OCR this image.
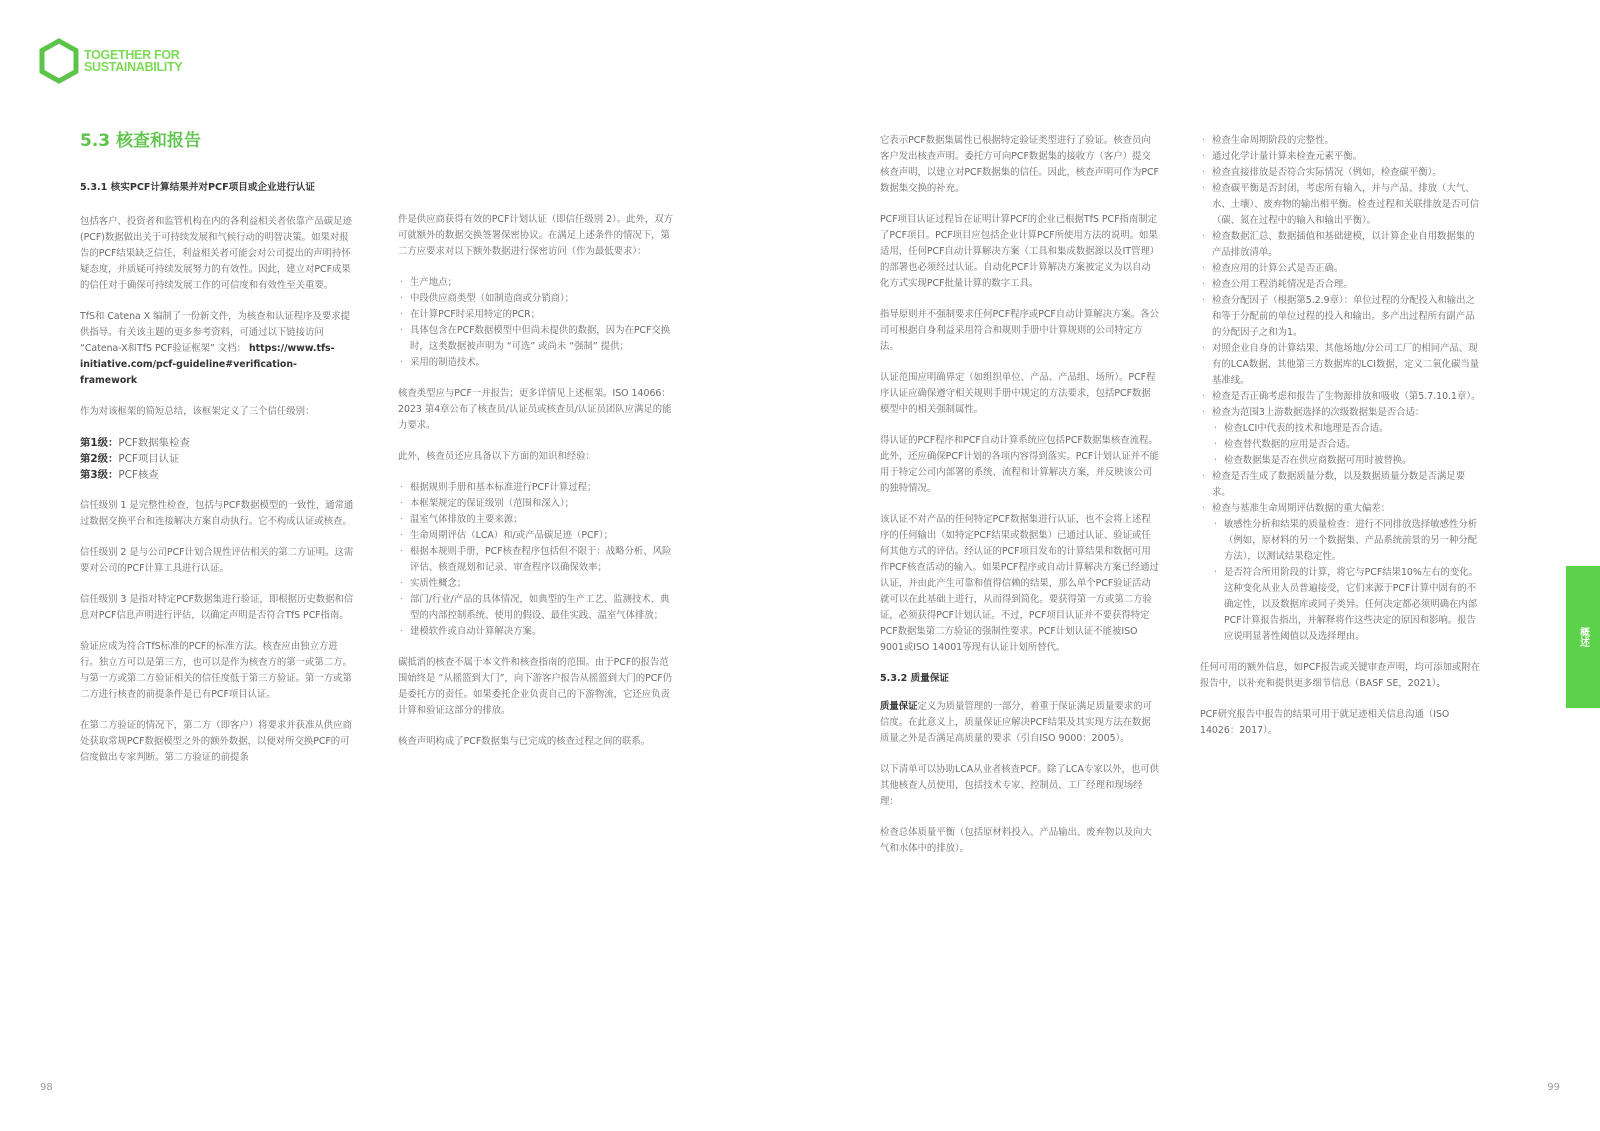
TOGETHER FOR
SUSTAINABILITY
5.3 核查和报告

5.3.1 核实PCF计算结果并对PCF项目或企业进行认证

包括客户、投资者和监管机构在内的各利益相关者依靠产品碳足迹(PCF)数据做出关于可持续发展和气候行动的明智决策。如果对报告的PCF结果缺乏信任，利益相关者可能会对公司提出的声明持怀疑态度，并质疑可持续发展努力的有效性。因此，建立对PCF成果的信任对于确保可持续发展工作的可信度和有效性至关重要。

TfS和 Catena X 编制了一份新文件，为核查和认证程序及要求提供指导。有关该主题的更多参考资料，可通过以下链接访问 “Catena-X和TfS PCF验证框架” 文档： https://www.tfs-initiative.com/pcf-guideline#verification-framework

作为对该框架的简短总结，该框架定义了三个信任级别：

第1级：PCF数据集检查
第2级：PCF项目认证
第3级：PCF核查

信任级别 1 是完整性检查，包括与PCF数据模型的一致性，通常通过数据交换平台和连接解决方案自动执行。它不构成认证或核查。

信任级别 2 是与公司PCF计划合规性评估相关的第二方证明。这需要对公司的PCF计算工具进行认证。

信任级别 3 是指对特定PCF数据集进行验证，即根据历史数据和信息对PCF信息声明进行评估，以确定声明是否符合TfS PCF指南。

验证应成为符合TfS标准的PCF的标准方法。核查应由独立方进行。独立方可以是第三方，也可以是作为核查方的第一或第二方。与第一方或第二方验证相关的信任度低于第三方验证。第一方或第二方进行核查的前提条件是已有PCF项目认证。

在第二方验证的情况下，第二方（即客户）将要求并获准从供应商处获取常规PCF数据模型之外的额外数据，以便对所交换PCF的可信度做出专家判断。第二方验证的前提条

件是供应商获得有效的PCF计划认证（即信任级别 2）。此外，双方可就额外的数据交换签署保密协议。在满足上述条件的情况下，第二方应要求对以下额外数据进行保密访问（作为最低要求）：

· 生产地点；
· 中段供应商类型（如制造商或分销商）；
· 在计算PCF时采用特定的PCR；
· 具体包含在PCF数据模型中但尚未提供的数据，因为在PCF交换时，这类数据被声明为 “可选” 或尚未 “强制” 提供；
· 采用的制造技术。

核查类型应与PCF一并报告；更多详情见上述框架。ISO 14066：2023 第4章公布了核查员/认证员或核查员/认证员团队应满足的能力要求。

此外，核查员还应具备以下方面的知识和经验：

· 根据规则手册和基本标准进行PCF计算过程；
· 本框架规定的保证级别（范围和深入）；
· 温室气体排放的主要来源；
· 生命周期评估（LCA）和/或产品碳足迹（PCF）；
· 根据本规则手册，PCF核查程序包括但不限于：战略分析、风险评估、核查规划和记录、审查程序以确保效率；
· 实质性概念；
· 部门/行业/产品的具体情况，如典型的生产工艺、监测技术、典型的内部控制系统、使用的假设、最佳实践、温室气体排放；
· 建模软件或自动计算解决方案。

碳抵消的核查不属于本文件和核查指南的范围。由于PCF的报告范围始终是 “从摇篮到大门”，向下游客户报告从摇篮到大门的PCF仍是委托方的责任。如果委托企业负责自己的下游物流，它还应负责计算和验证这部分的排放。

核查声明构成了PCF数据集与已完成的核查过程之间的联系。

它表示PCF数据集属性已根据特定验证类型进行了验证。核查员向客户发出核查声明。委托方可向PCF数据集的接收方（客户）提交核查声明，以建立对PCF数据集的信任。因此，核查声明可作为PCF数据集交换的补充。

PCF项目认证过程旨在证明计算PCF的企业已根据TfS PCF指南制定了PCF项目。PCF项目应包括企业计算PCF所使用方法的说明。如果适用，任何PCF自动计算解决方案（工具和集成数据源以及IT管理）的部署也必须经过认证。自动化PCF计算解决方案被定义为以自动化方式实现PCF批量计算的数字工具。

指导原则并不强制要求任何PCF程序或PCF自动计算解决方案。各公司可根据自身利益采用符合和规则手册中计算规则的公司特定方法。

认证范围应明确界定（如组织单位、产品、产品组、场所）。PCF程序认证应确保遵守相关规则手册中规定的方法要求，包括PCF数据模型中的相关强制属性。

得认证的PCF程序和PCF自动计算系统应包括PCF数据集核查流程。此外，还应确保PCF计划的各项内容得到落实。PCF计划认证并不能用于特定公司内部署的系统、流程和计算解决方案，并反映该公司的独特情况。

该认证不对产品的任何特定PCF数据集进行认证，也不会将上述程序的任何输出（如特定PCF结果或数据集）已通过认证、验证或任何其他方式的评估。经认证的PCF项目发布的计算结果和数据可用作PCF核查活动的输入。如果PCF程序或自动计算解决方案已经通过认证，并由此产生可靠和值得信赖的结果，那么单个PCF验证活动就可以在此基础上进行，从而得到简化。要获得第一方或第二方验证，必须获得PCF计划认证。不过，PCF项目认证并不要获得特定PCF数据集第二方验证的强制性要求。PCF计划认证不能被ISO 9001或ISO 14001等现有认证计划所替代。

5.3.2 质量保证

质量保证定义为质量管理的一部分，着重于保证满足质量要求的可信度。在此意义上，质量保证应解决PCF结果及其实现方法在数据质量之外是否满足高质量的要求（引自ISO 9000：2005）。

以下清单可以协助LCA从业者核查PCF。除了LCA专家以外，也可供其他核查人员使用，包括技术专家、控制员、工厂经理和现场经理：

检查总体质量平衡（包括原材料投入、产品输出、废弃物以及向大气和水体中的排放）。

· 检查生命周期阶段的完整性。
· 通过化学计量计算来检查元素平衡。
· 检查直接排放是否符合实际情况（例如，检查碳平衡）。
· 检查碳平衡是否封闭，考虑所有输入，并与产品、排放（大气、水、土壤）、废弃物的输出相平衡。检查过程和关联排放是否可信（碳、氮在过程中的输入和输出平衡）。
· 检查数据汇总、数据插值和基础建模，以计算企业自用数据集的产品排放清单。
· 检查应用的计算公式是否正确。
· 检查公用工程消耗情况是否合理。
· 检查分配因子（根据第5.2.9章）：单位过程的分配投入和输出之和等于分配前的单位过程的投入和输出。多产出过程所有副产品的分配因子之和为1。
· 对照企业自身的计算结果、其他场地/分公司工厂的相同产品、现有的LCA数据、其他第三方数据库的LCI数据，定义二氧化碳当量基准线。
· 检查是否正确考虑和报告了生物源排放和吸收（第5.7.10.1章）。
· 检查为范围3上游数据选择的次级数据集是否合适：
· 检查LCI中代表的技术和地理是否合适。
· 检查替代数据的应用是否合适。
· 检查数据集是否在供应商数据可用时被替换。
· 检查是否生成了数据质量分数，以及数据质量分数是否满足要求。
· 检查与基准生命周期评估数据的重大偏差：
· 敏感性分析和结果的质量检查：进行不同排放选择敏感性分析（例如，原材料的另一个数据集、产品系统前景的另一种分配方法），以测试结果稳定性。
· 是否符合所用阶段的计算，将它与PCF结果10%左右的变化。这种变化从业人员普遍接受，它们来源于PCF计算中固有的不确定性，以及数据库或同子类异。任何决定都必须明确在内部PCF计算报告指出，并解释将作这些决定的原因和影响。报告应说明显著性阈值以及选择理由。

任何可用的额外信息，如PCF报告或关键审查声明，均可添加或附在报告中，以补充和提供更多细节信息（BASF SE，2021）。

PCF研究报告中报告的结果可用于就足迹相关信息沟通（ISO 14026：2017）。

概述
98	99
